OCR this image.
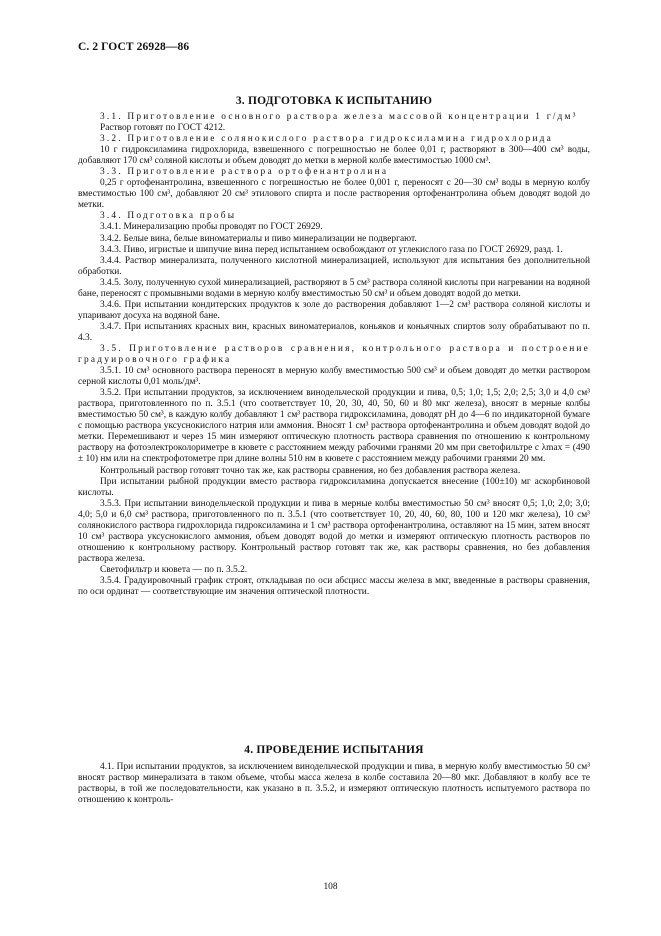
С. 2 ГОСТ 26928—86
3. ПОДГОТОВКА К ИСПЫТАНИЮ

3.1. Приготовление основного раствора железа массовой концентрации 1 г/дм³

Раствор готовят по ГОСТ 4212.

3.2. Приготовление солянокислого раствора гидроксиламина гидрохлорида

10 г гидроксиламина гидрохлорида, взвешенного с погрешностью не более 0,01 г, растворяют в 300—400 см³ воды, добавляют 170 см³ соляной кислоты и объем доводят до метки в мерной колбе вместимостью 1000 см³.

3.3. Приготовление раствора ортофенантролина

0,25 г ортофенантролина, взвешенного с погрешностью не более 0,001 г, переносят с 20—30 см³ воды в мерную колбу вместимостью 100 см³, добавляют 20 см³ этилового спирта и после растворения ортофенантролина объем доводят водой до метки.

3.4. Подготовка пробы

3.4.1. Минерализацию пробы проводят по ГОСТ 26929.

3.4.2. Белые вина, белые виноматериалы и пиво минерализации не подвергают.

3.4.3. Пиво, игристые и шипучие вина перед испытанием освобождают от углекислого газа по ГОСТ 26929, разд. 1.

3.4.4. Раствор минерализата, полученного кислотной минерализацией, используют для испытания без дополнительной обработки.

3.4.5. Золу, полученную сухой минерализацией, растворяют в 5 см³ раствора соляной кислоты при нагревании на водяной бане, переносят с промывными водами в мерную колбу вместимостью 50 см³ и объем доводят водой до метки.

3.4.6. При испытании кондитерских продуктов к золе до растворения добавляют 1—2 см³ раствора соляной кислоты и упаривают досуха на водяной бане.

3.4.7. При испытаниях красных вин, красных виноматериалов, коньяков и коньячных спиртов золу обрабатывают по п. 4.3.

3.5. Приготовление растворов сравнения, контрольного раствора и построение градуировочного графика

3.5.1. 10 см³ основного раствора переносят в мерную колбу вместимостью 500 см³ и объем доводят до метки раствором серной кислоты 0,01 моль/дм³.

3.5.2. При испытании продуктов, за исключением винодельческой продукции и пива, 0,5; 1,0; 1,5; 2,0; 2,5; 3,0 и 4,0 см³ раствора, приготовленного по п. 3.5.1 (что соответствует 10, 20, 30, 40, 50, 60 и 80 мкг железа), вносят в мерные колбы вместимостью 50 см³, в каждую колбу добавляют 1 см³ раствора гидроксиламина, доводят pH до 4—6 по индикаторной бумаге с помощью раствора уксуснокислого натрия или аммония. Вносят 1 см³ раствора ортофенантролина и объем доводят водой до метки. Перемешивают и через 15 мин измеряют оптическую плотность раствора сравнения по отношению к контрольному раствору на фотоэлектроколориметре в кювете с расстоянием между рабочими гранями 20 мм при светофильтре с λmax = (490 ± 10) нм или на спектрофотометре при длине волны 510 нм в кювете с расстоянием между рабочими гранями 20 мм.

Контрольный раствор готовят точно так же, как растворы сравнения, но без добавления раствора железа.

При испытании рыбной продукции вместо раствора гидроксиламина допускается внесение (100±10) мг аскорбиновой кислоты.

3.5.3. При испытании винодельческой продукции и пива в мерные колбы вместимостью 50 см³ вносят 0,5; 1,0; 2,0; 3,0; 4,0; 5,0 и 6,0 см³ раствора, приготовленного по п. 3.5.1 (что соответствует 10, 20, 40, 60, 80, 100 и 120 мкг железа), 10 см³ солянокислого раствора гидрохлорида гидроксиламина и 1 см³ раствора ортофенантролина, оставляют на 15 мин, затем вносят 10 см³ раствора уксуснокислого аммония, объем доводят водой до метки и измеряют оптическую плотность растворов по отношению к контрольному раствору. Контрольный раствор готовят так же, как растворы сравнения, но без добавления раствора железа.

Светофильтр и кювета — по п. 3.5.2.

3.5.4. Градуировочный график строят, откладывая по оси абсцисс массы железа в мкг, введенные в растворы сравнения, по оси ординат — соответствующие им значения оптической плотности.

4. ПРОВЕДЕНИЕ ИСПЫТАНИЯ

4.1. При испытании продуктов, за исключением винодельческой продукции и пива, в мерную колбу вместимостью 50 см³ вносят раствор минерализата в таком объеме, чтобы масса железа в колбе составила 20—80 мкг. Добавляют в колбу все те растворы, в той же последовательности, как указано в п. 3.5.2, и измеряют оптическую плотность испытуемого раствора по отношению к контроль-

108
